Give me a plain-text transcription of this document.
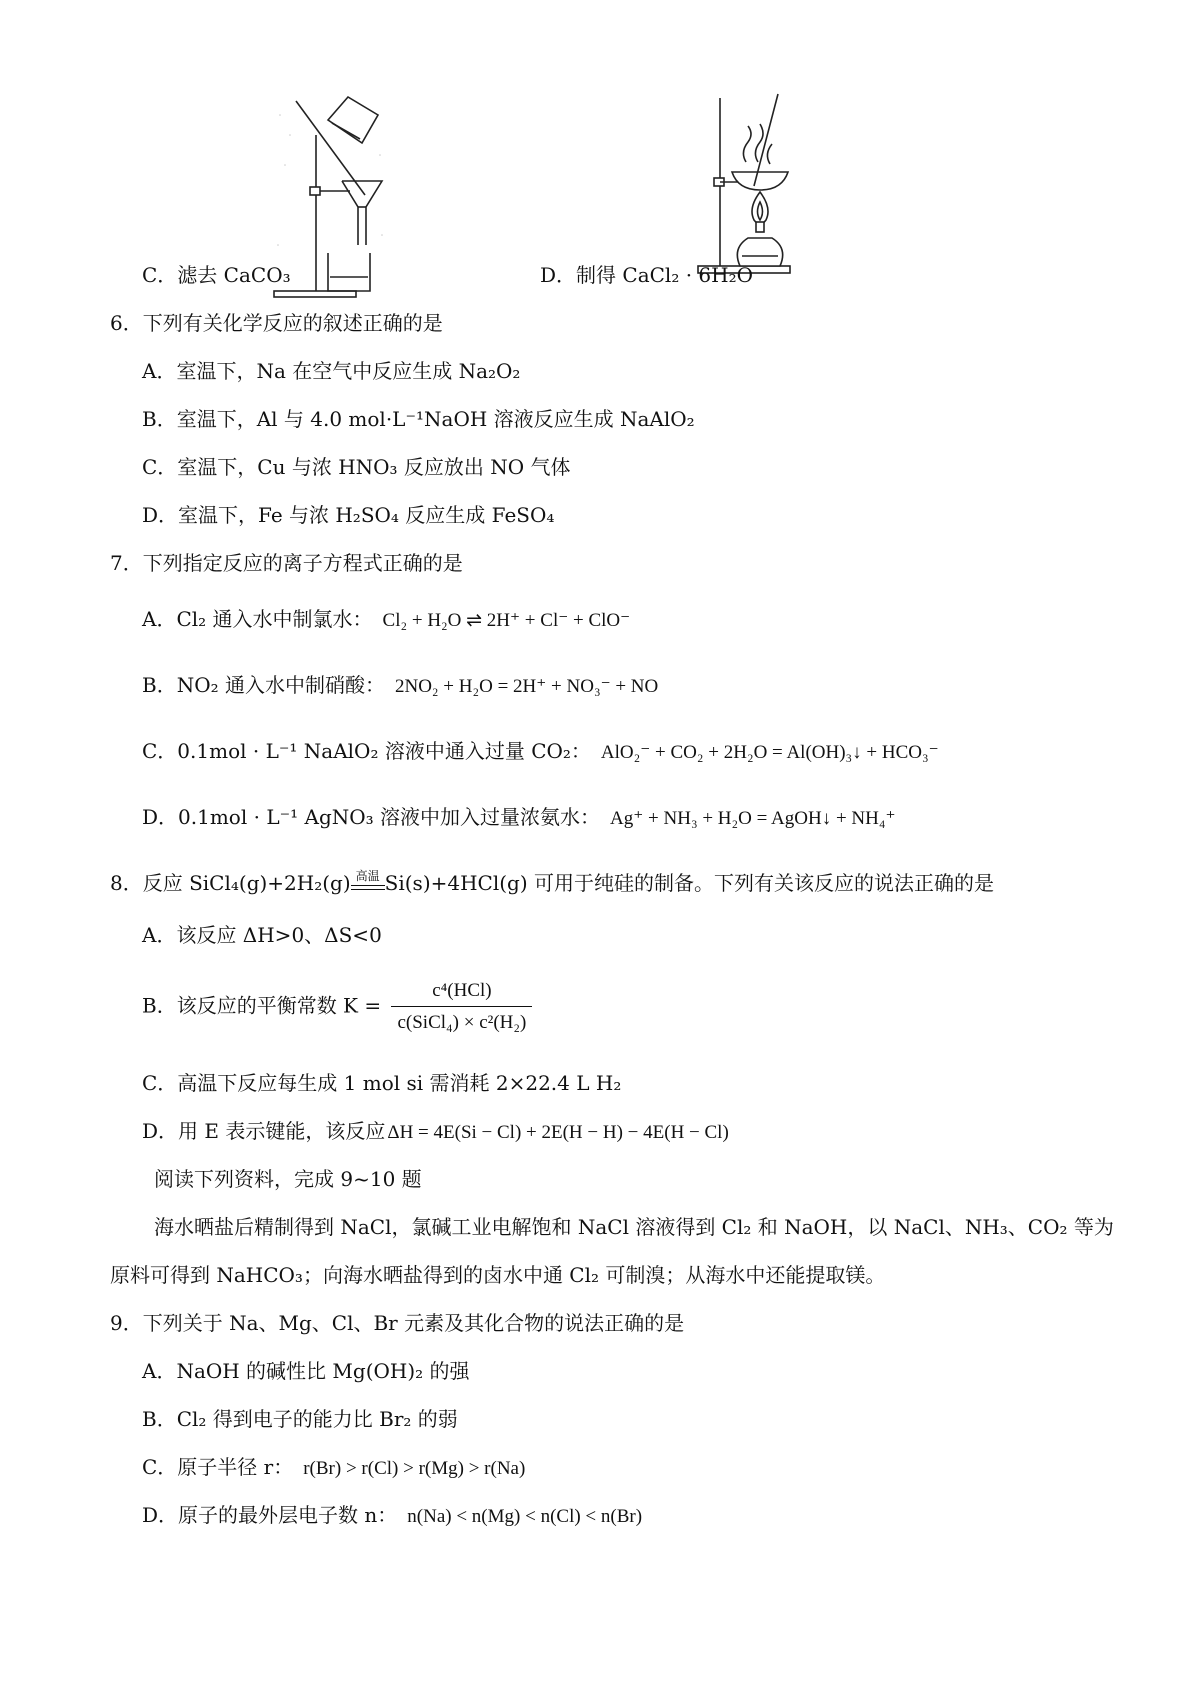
C．滤去 CaCO₃	D．制得 CaCl₂ · 6H₂O
6．下列有关化学反应的叙述正确的是
A．室温下，Na 在空气中反应生成 Na₂O₂
B．室温下，Al 与 4.0 mol·L⁻¹NaOH 溶液反应生成 NaAlO₂
C．室温下，Cu 与浓 HNO₃ 反应放出 NO 气体
D．室温下，Fe 与浓 H₂SO₄ 反应生成 FeSO₄
7．下列指定反应的离子方程式正确的是
A．Cl₂ 通入水中制氯水： Cl₂ + H₂O ⇌ 2H⁺ + Cl⁻ + ClO⁻
B．NO₂ 通入水中制硝酸： 2NO₂ + H₂O = 2H⁺ + NO₃⁻ + NO
C．0.1mol · L⁻¹ NaAlO₂ 溶液中通入过量 CO₂： AlO₂⁻ + CO₂ + 2H₂O = Al(OH)₃↓ + HCO₃⁻
D．0.1mol · L⁻¹ AgNO₃ 溶液中加入过量浓氨水： Ag⁺ + NH₃ + H₂O = AgOH↓ + NH₄⁺
8．反应 SiCl₄(g)+2H₂(g) 高温 Si(s)+4HCl(g) 可用于纯硅的制备。下列有关该反应的说法正确的是
A．该反应 ΔH>0、ΔS<0
B．该反应的平衡常数 $K = \frac{\text{c⁴(HCl)}}{\text{c(SiCl₄) × c²(H₂)}}$
C．高温下反应每生成 1 mol si 需消耗 2×22.4 L H₂
D．用 E 表示键能，该反应 ΔH = 4E(Si − Cl) + 2E(H − H) − 4E(H − Cl)
阅读下列资料，完成 9~10 题
海水晒盐后精制得到 NaCl，氯碱工业电解饱和 NaCl 溶液得到 Cl₂ 和 NaOH，以 NaCl、NH₃、CO₂ 等为
原料可得到 NaHCO₃；向海水晒盐得到的卤水中通 Cl₂ 可制溴；从海水中还能提取镁。
9．下列关于 Na、Mg、Cl、Br 元素及其化合物的说法正确的是
A．NaOH 的碱性比 Mg(OH)₂ 的强
B．Cl₂ 得到电子的能力比 Br₂ 的弱
C．原子半径 r： r(Br) > r(Cl) > r(Mg) > r(Na)
D．原子的最外层电子数 n： n(Na) < n(Mg) < n(Cl) < n(Br)
